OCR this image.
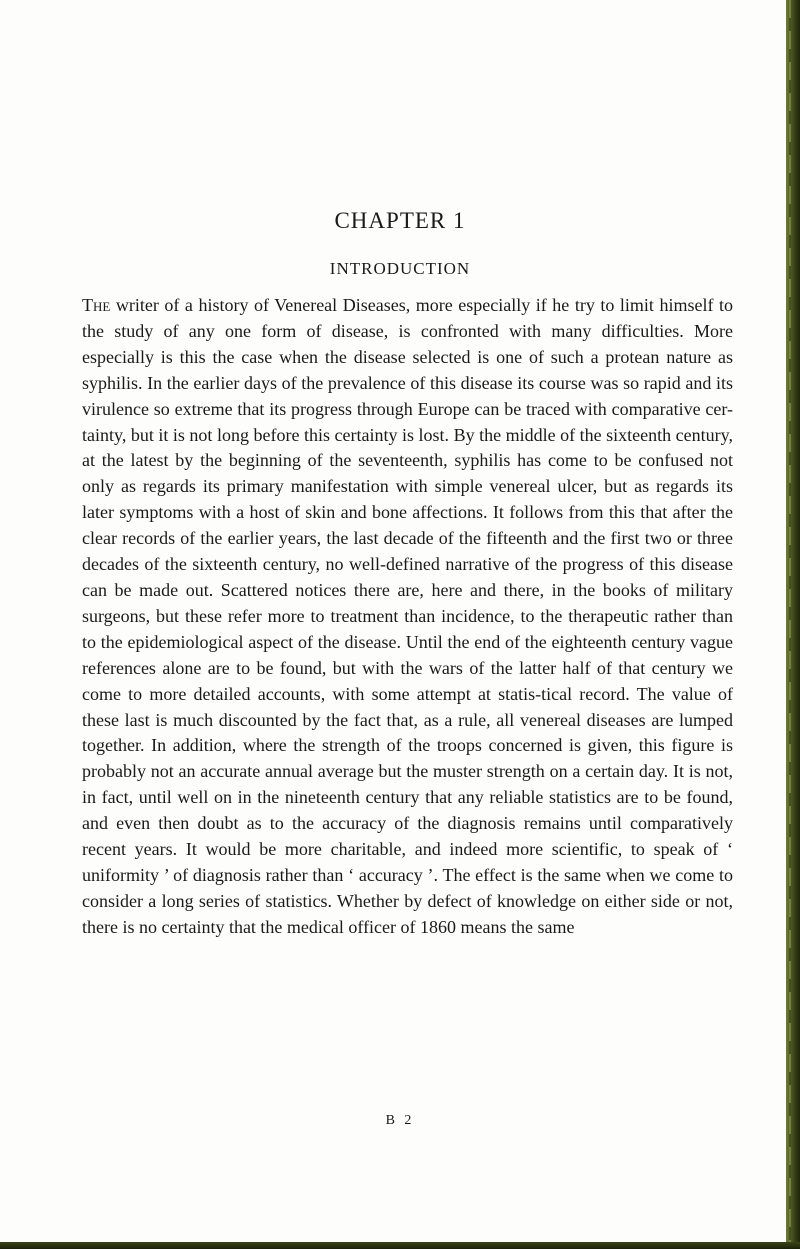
CHAPTER 1
INTRODUCTION

The writer of a history of Venereal Diseases, more especially if he try to limit himself to the study of any one form of disease, is confronted with many difficulties. More especially is this the case when the disease selected is one of such a protean nature as syphilis. In the earlier days of the prevalence of this disease its course was so rapid and its virulence so extreme that its progress through Europe can be traced with comparative cer-tainty, but it is not long before this certainty is lost. By the middle of the sixteenth century, at the latest by the beginning of the seventeenth, syphilis has come to be confused not only as regards its primary manifestation with simple venereal ulcer, but as regards its later symptoms with a host of skin and bone affections. It follows from this that after the clear records of the earlier years, the last decade of the fifteenth and the first two or three decades of the sixteenth century, no well-defined narrative of the progress of this disease can be made out. Scattered notices there are, here and there, in the books of military surgeons, but these refer more to treatment than incidence, to the therapeutic rather than to the epidemiological aspect of the disease. Until the end of the eighteenth century vague references alone are to be found, but with the wars of the latter half of that century we come to more detailed accounts, with some attempt at statis-tical record. The value of these last is much discounted by the fact that, as a rule, all venereal diseases are lumped together. In addition, where the strength of the troops concerned is given, this figure is probably not an accurate annual average but the muster strength on a certain day. It is not, in fact, until well on in the nineteenth century that any reliable statistics are to be found, and even then doubt as to the accuracy of the diagnosis remains until comparatively recent years. It would be more charitable, and indeed more scientific, to speak of ‘ uniformity ’ of diagnosis rather than ‘ accuracy ’. The effect is the same when we come to consider a long series of statistics. Whether by defect of knowledge on either side or not, there is no certainty that the medical officer of 1860 means the same

B 2
